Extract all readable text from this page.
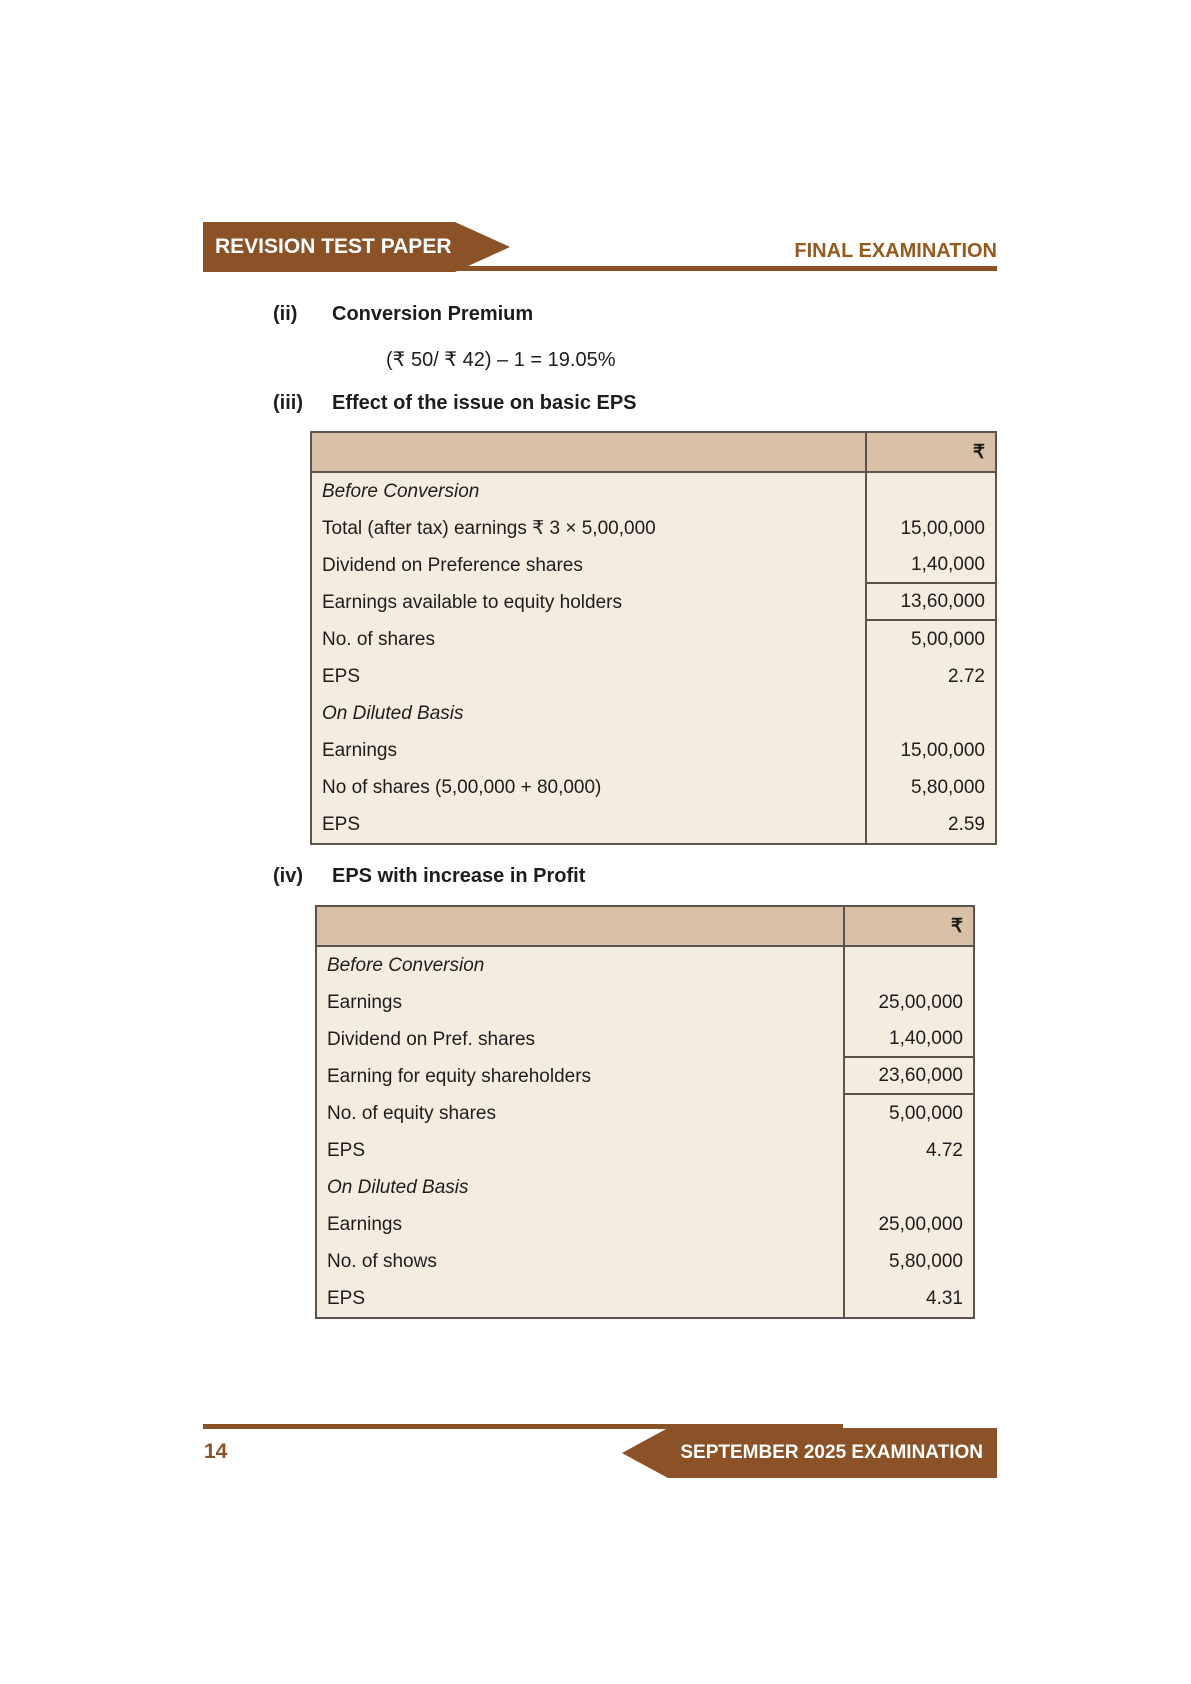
REVISION TEST PAPER	FINAL EXAMINATION
(ii)	Conversion Premium
(₹ 50/ ₹ 42) – 1 = 19.05%
(iii)	Effect of the issue on basic EPS
₹
Before Conversion
Total (after tax) earnings ₹ 3 × 5,00,000	15,00,000
Dividend on Preference shares	1,40,000
Earnings available to equity holders	13,60,000
No. of shares	5,00,000
EPS	2.72
On Diluted Basis
Earnings	15,00,000
No of shares (5,00,000 + 80,000)	5,80,000
EPS	2.59
(iv)	EPS with increase in Profit
₹
Before Conversion
Earnings	25,00,000
Dividend on Pref. shares	1,40,000
Earning for equity shareholders	23,60,000
No. of equity shares	5,00,000
EPS	4.72
On Diluted Basis
Earnings	25,00,000
No. of shows	5,80,000
EPS	4.31
SEPTEMBER 2025 EXAMINATION
14
